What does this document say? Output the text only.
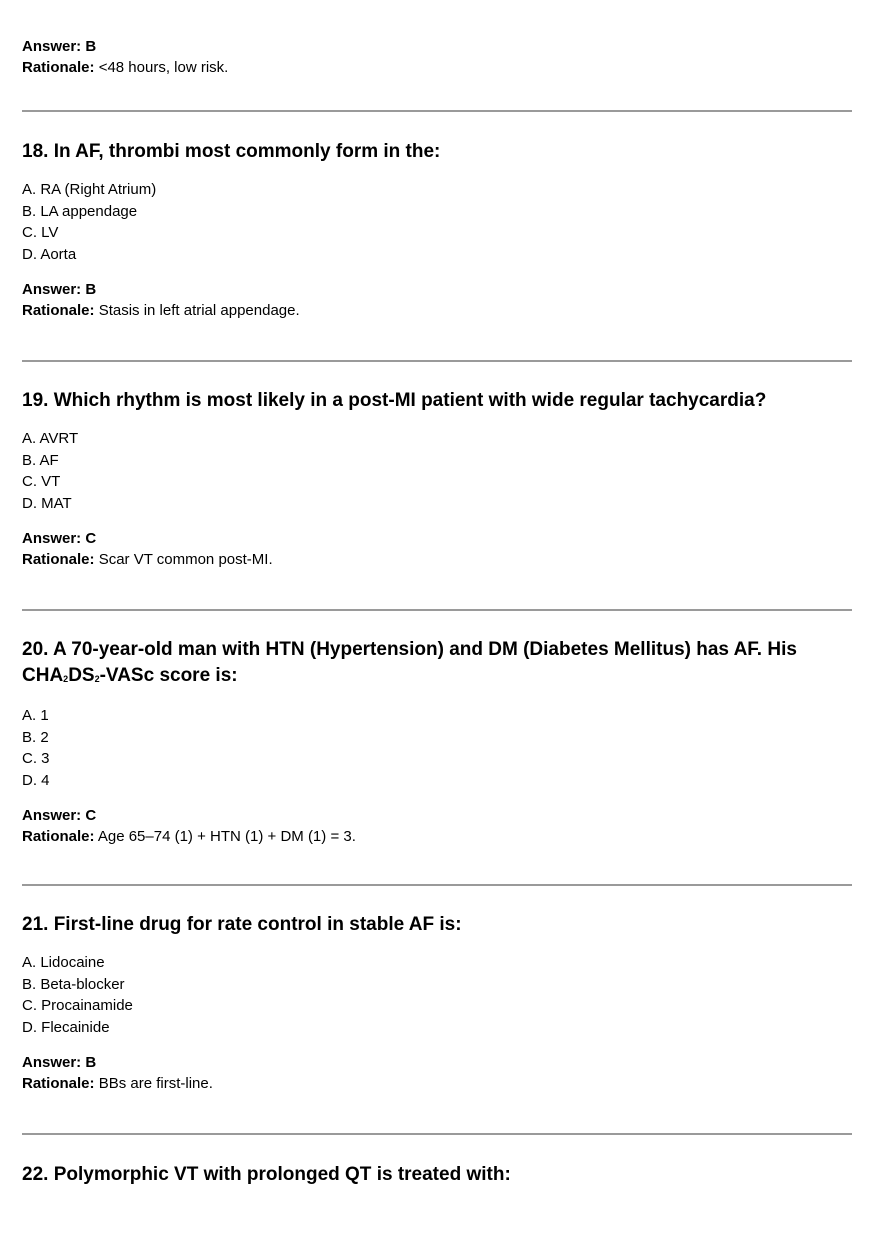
Answer: B
Rationale: <48 hours, low risk.

18. In AF, thrombi most commonly form in the:

A. RA (Right Atrium)
B. LA appendage
C. LV
D. Aorta
Answer: B
Rationale: Stasis in left atrial appendage.

19. Which rhythm is most likely in a post-MI patient with wide regular tachycardia?

A. AVRT
B. AF
C. VT
D. MAT
Answer: C
Rationale: Scar VT common post-MI.

20. A 70-year-old man with HTN (Hypertension) and DM (Diabetes Mellitus) has AF. His
$CHA_2DS_2$-VASc score is:

A. 1
B. 2
C. 3
D. 4
Answer: C
Rationale: Age 65–74 (1) + HTN (1) + DM (1) = 3.

21. First-line drug for rate control in stable AF is:

A. Lidocaine
B. Beta-blocker
C. Procainamide
D. Flecainide
Answer: B
Rationale: BBs are first-line.

22. Polymorphic VT with prolonged QT is treated with:
